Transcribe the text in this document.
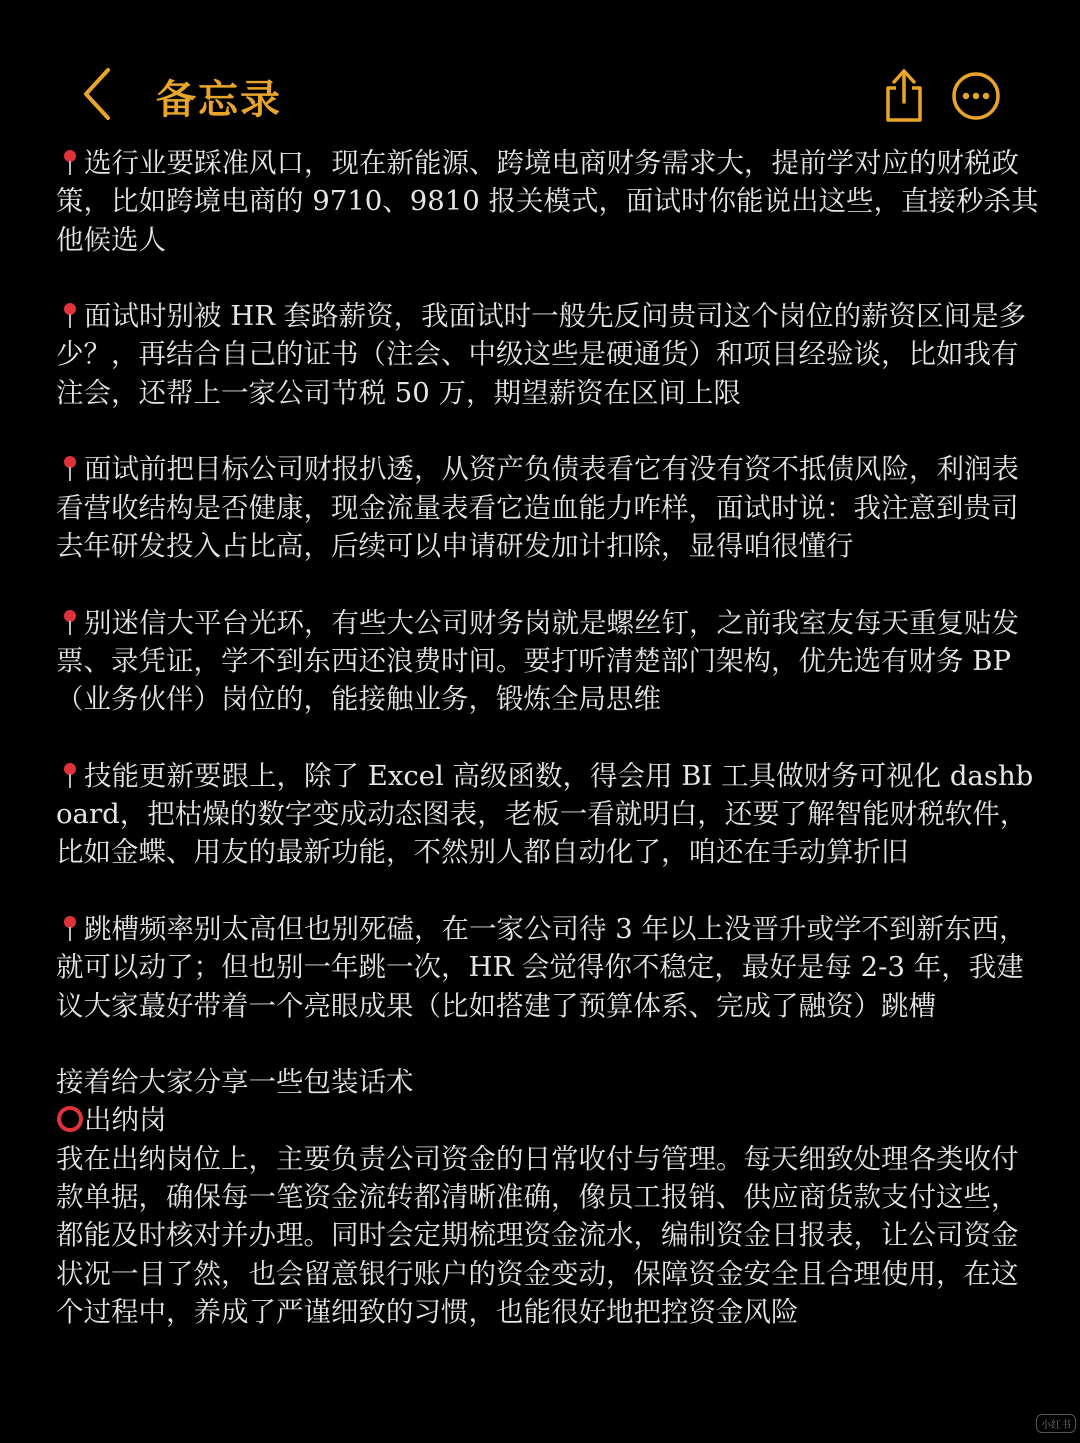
备忘录

选行业要踩准风口，现在新能源、跨境电商财务需求大，提前学对应的财税政策，比如跨境电商的 9710、9810 报关模式，面试时你能说出这些，直接秒杀其他候选人

面试时别被 HR 套路薪资，我面试时一般先反问贵司这个岗位的薪资区间是多少？，再结合自己的证书（注会、中级这些是硬通货）和项目经验谈，比如我有注会，还帮上一家公司节税 50 万，期望薪资在区间上限

面试前把目标公司财报扒透，从资产负债表看它有没有资不抵债风险，利润表看营收结构是否健康，现金流量表看它造血能力咋样，面试时说：我注意到贵司去年研发投入占比高，后续可以申请研发加计扣除，显得咱很懂行

别迷信大平台光环，有些大公司财务岗就是螺丝钉，之前我室友每天重复贴发票、录凭证，学不到东西还浪费时间。要打听清楚部门架构，优先选有财务 BP（业务伙伴）岗位的，能接触业务，锻炼全局思维

技能更新要跟上，除了 Excel 高级函数，得会用 BI 工具做财务可视化 dashboard，把枯燥的数字变成动态图表，老板一看就明白，还要了解智能财税软件，比如金蝶、用友的最新功能，不然别人都自动化了，咱还在手动算折旧

跳槽频率别太高但也别死磕，在一家公司待 3 年以上没晋升或学不到新东西，就可以动了；但也别一年跳一次，HR 会觉得你不稳定，最好是每 2-3 年，我建议大家蕞好带着一个亮眼成果（比如搭建了预算体系、完成了融资）跳槽

接着给大家分享一些包装话术

出纳岗

我在出纳岗位上，主要负责公司资金的日常收付与管理。每天细致处理各类收付款单据，确保每一笔资金流转都清晰准确，像员工报销、供应商货款支付这些，都能及时核对并办理。同时会定期梳理资金流水，编制资金日报表，让公司资金状况一目了然，也会留意银行账户的资金变动，保障资金安全且合理使用，在这个过程中，养成了严谨细致的习惯，也能很好地把控资金风险

小红书
